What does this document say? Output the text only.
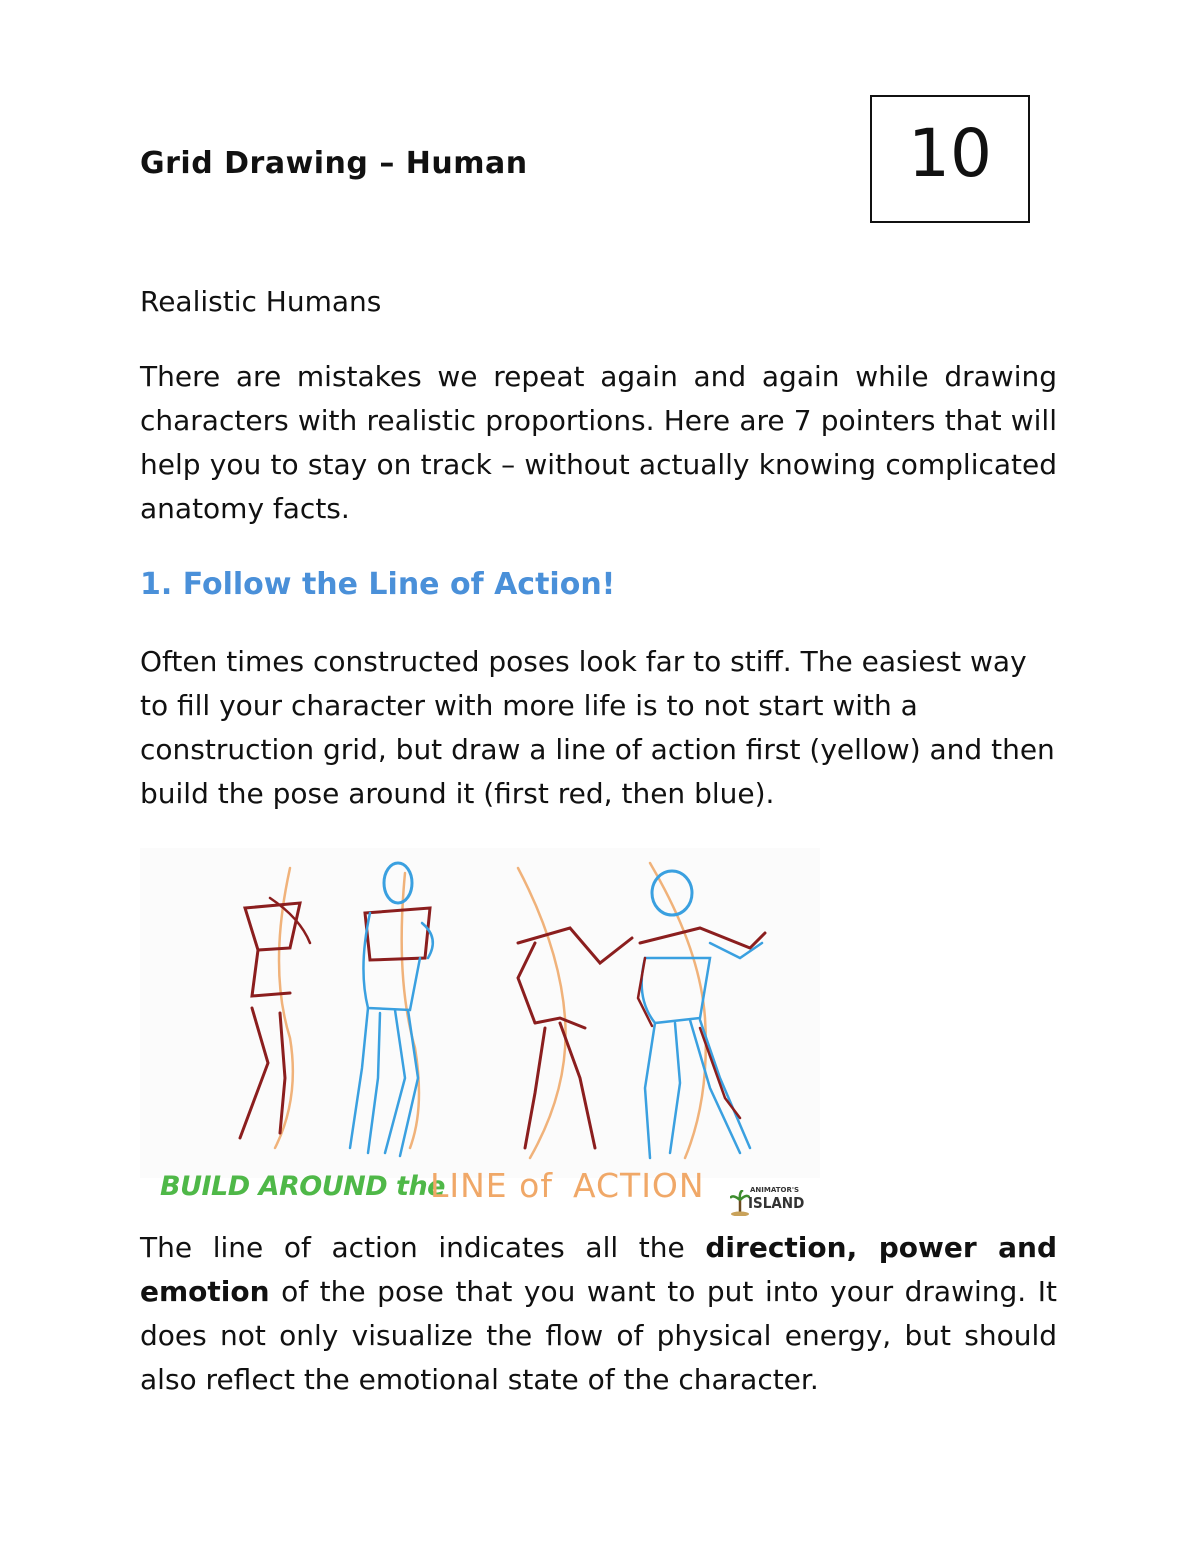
Grid Drawing – Human	10
Realistic Humans

There are mistakes we repeat again and again while drawing characters with realistic proportions. Here are 7 pointers that will help you to stay on track – without actually knowing complicated anatomy facts.

1. Follow the Line of Action!

Often times constructed poses look far to stiff. The easiest way to fill your character with more life is to not start with a construction grid, but draw a line of action first (yellow) and then build the pose around it (first red, then blue).

BUILD AROUND the
LINE of ACTION	ANIMATOR'S
ISLAND

The line of action indicates all the direction, power and emotion of the pose that you want to put into your drawing. It does not only visualize the flow of physical energy, but should also reflect the emotional state of the character.
